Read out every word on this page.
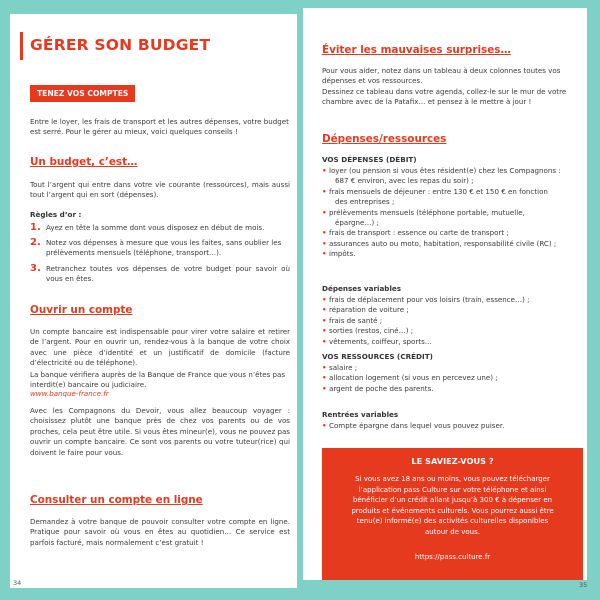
GÉRER SON BUDGET
TENEZ VOS COMPTES

Entre le loyer, les frais de transport et les autres dépenses, votre budget est serré. Pour le gérer au mieux, voici quelques conseils !

Un budget, c’est…

Tout l’argent qui entre dans votre vie courante (ressources), mais aussi tout l’argent qui en sort (dépenses).

Règles d’or :
1. Ayez en tête la somme dont vous disposez en début de mois.

2. Notez vos dépenses à mesure que vous les faites, sans oublier les prélèvements mensuels (téléphone, transport…).

3. Retranchez toutes vos dépenses de votre budget pour savoir où vous en êtes.

Ouvrir un compte

Un compte bancaire est indispensable pour virer votre salaire et retirer de l’argent. Pour en ouvrir un, rendez-vous à la banque de votre choix avec une pièce d’identité et un justificatif de domicile (facture d’électricité ou de téléphone).

La banque vérifiera auprès de la Banque de France que vous n’êtes pas interdit(e) bancaire ou judiciaire.

www.banque-france.fr

Avec les Compagnons du Devoir, vous allez beaucoup voyager : choisissez plutôt une banque près de chez vos parents ou de vos proches, cela peut être utile. Si vous êtes mineur(e), vous ne pouvez pas ouvrir un compte bancaire. Ce sont vos parents ou votre tuteur(rice) qui doivent le faire pour vous.

Consulter un compte en ligne

Demandez à votre banque de pouvoir consulter votre compte en ligne. Pratique pour savoir où vous en êtes au quotidien… Ce service est parfois facturé, mais normalement c’est gratuit !

34
Éviter les mauvaises surprises…

Pour vous aider, notez dans un tableau à deux colonnes toutes vos dépenses et vos ressources.

Dessinez ce tableau dans votre agenda, collez-le sur le mur de votre chambre avec de la Patafix… et pensez à le mettre à jour !

Dépenses/ressources
VOS DÉPENSES (DÉBIT)
• loyer (ou pension si vous êtes résident(e) chez les Compagnons :
687 € environ, avec les repas du soir) ;
• frais mensuels de déjeuner : entre 130 € et 150 € en fonction
des entreprises ;
• prélèvements mensuels (téléphone portable, mutuelle,
épargne…) ;
• frais de transport : essence ou carte de transport ;
• assurances auto ou moto, habitation, responsabilité civile (RC) ;
• impôts.
Dépenses variables
• frais de déplacement pour vos loisirs (train, essence…) ;
• réparation de voiture ;
• frais de santé ;
• sorties (restos, ciné…) ;
• vêtements, coiffeur, sports…
VOS RESSOURCES (CRÉDIT)
• salaire ;
• allocation logement (si vous en percevez une) ;
• argent de poche des parents.
Rentrées variables
• Compte épargne dans lequel vous pouvez puiser.
LE SAVIEZ-VOUS ?
Si vous avez 18 ans ou moins, vous pouvez télécharger
l’application pass Culture sur votre téléphone et ainsi
bénéficier d’un crédit allant jusqu’à 300 € à dépenser en
produits et événements culturels. Vous pourrez aussi être
tenu(e) informé(e) des activités culturelles disponibles
autour de vous.
https://pass.culture.fr
35
